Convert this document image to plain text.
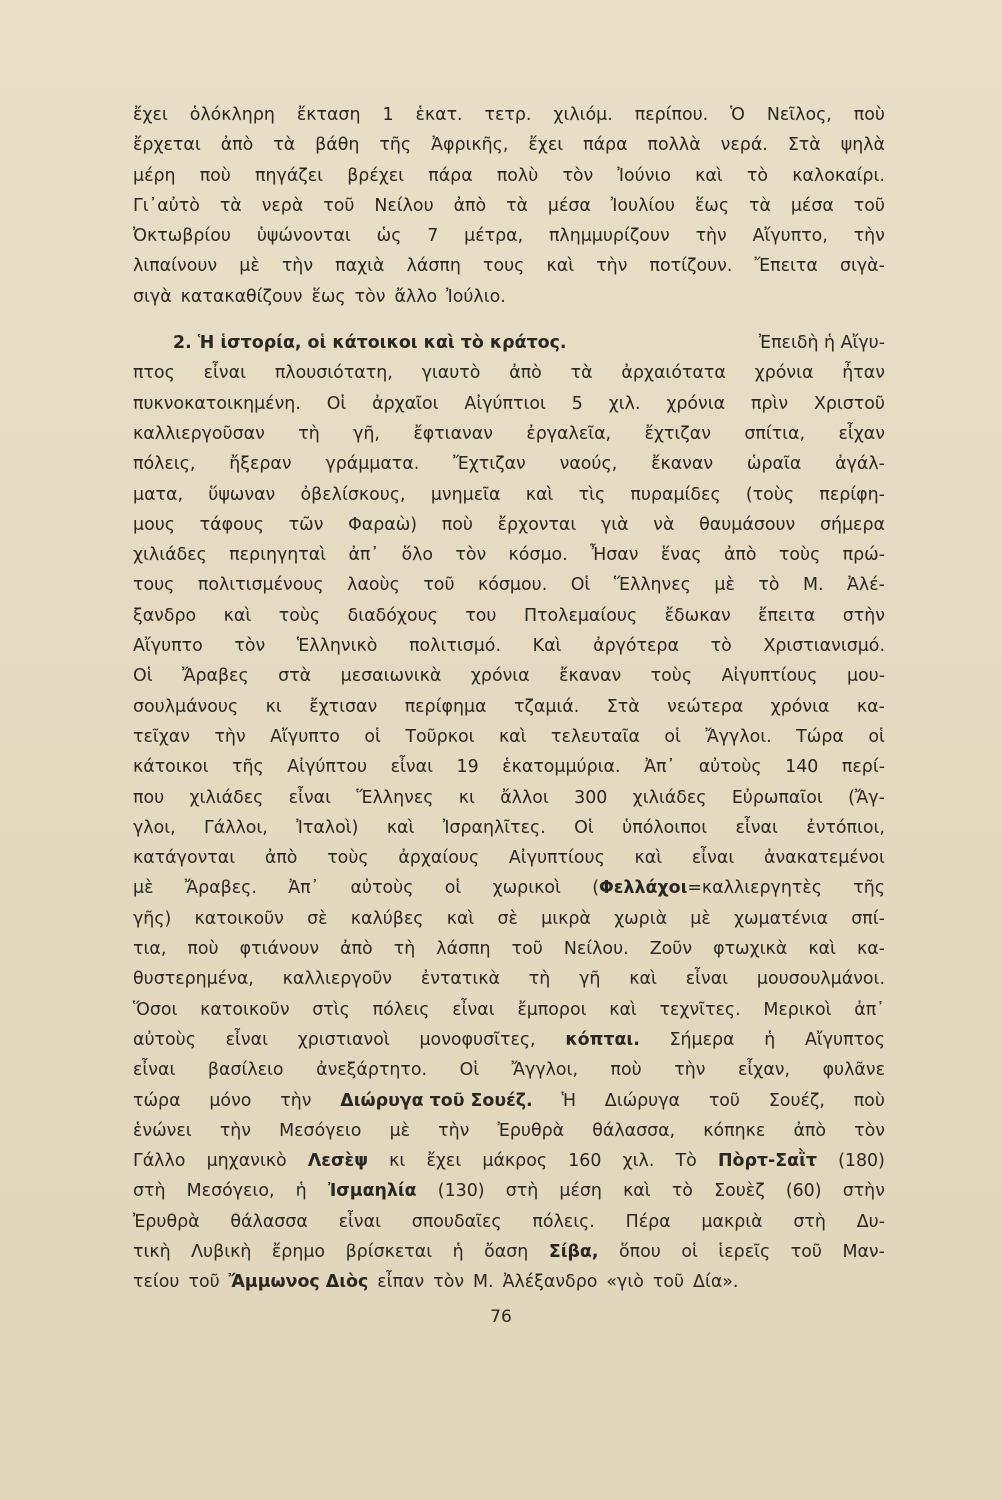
ἔχει ὁλόκληρη ἔκταση 1 ἑκατ. τετρ. χιλιόμ. περίπου. Ὁ Νεῖλος, ποὺ
ἔρχεται ἀπὸ τὰ βάθη τῆς Ἀφρικῆς, ἔχει πάρα πολλὰ νερά. Στὰ ψηλὰ
μέρη ποὺ πηγάζει βρέχει πάρα πολὺ τὸν Ἰούνιο καὶ τὸ καλοκαίρι.
Γι᾿αὐτὸ τὰ νερὰ τοῦ Νείλου ἀπὸ τὰ μέσα Ἰουλίου ἕως τὰ μέσα τοῦ
Ὀκτωβρίου ὑψώνονται ὡς 7 μέτρα, πλημμυρίζουν τὴν Αἴγυπτο, τὴν
λιπαίνουν μὲ τὴν παχιὰ λάσπη τους καὶ τὴν ποτίζουν. Ἔπειτα σιγὰ-
σιγὰ κατακαθίζουν ἕως τὸν ἄλλο Ἰούλιο.
2. Ἡ ἱστορία, οἱ κάτοικοι καὶ τὸ κράτος.	Ἐπειδὴ ἡ Αἴγυ-
πτος εἶναι πλουσιότατη, γιαυτὸ ἀπὸ τὰ ἀρχαιότατα χρόνια ἦταν
πυκνοκατοικημένη. Οἱ ἀρχαῖοι Αἰγύπτιοι 5 χιλ. χρόνια πρὶν Χριστοῦ
καλλιεργοῦσαν τὴ γῆ, ἔφτιαναν ἐργαλεῖα, ἔχτιζαν σπίτια, εἶχαν
πόλεις, ἤξεραν γράμματα. Ἔχτιζαν ναούς, ἔκαναν ὡραῖα ἀγάλ-
ματα, ὕψωναν ὀβελίσκους, μνημεῖα καὶ τὶς πυραμίδες (τοὺς περίφη-
μους τάφους τῶν Φαραὼ) ποὺ ἔρχονται γιὰ νὰ θαυμάσουν σήμερα
χιλιάδες περιηγηταὶ ἀπ᾿ ὅλο τὸν κόσμο. Ἦσαν ἕνας ἀπὸ τοὺς πρώ-
τους πολιτισμένους λαοὺς τοῦ κόσμου. Οἱ Ἕλληνες μὲ τὸ Μ. Ἀλέ-
ξανδρο καὶ τοὺς διαδόχους του Πτολεμαίους ἔδωκαν ἔπειτα στὴν
Αἴγυπτο τὸν Ἑλληνικὸ πολιτισμό. Καὶ ἀργότερα τὸ Χριστιανισμό.
Οἱ Ἄραβες στὰ μεσαιωνικὰ χρόνια ἔκαναν τοὺς Αἰγυπτίους μου-
σουλμάνους κι ἔχτισαν περίφημα τζαμιά. Στὰ νεώτερα χρόνια κα-
τεῖχαν τὴν Αἴγυπτο οἱ Τοῦρκοι καὶ τελευταῖα οἱ Ἄγγλοι. Τώρα οἱ
κάτοικοι τῆς Αἰγύπτου εἶναι 19 ἑκατομμύρια. Ἀπ᾿ αὐτοὺς 140 περί-
που χιλιάδες εἶναι Ἕλληνες κι ἄλλοι 300 χιλιάδες Εὐρωπαῖοι (Ἄγ-
γλοι, Γάλλοι, Ἰταλοὶ) καὶ Ἰσραηλῖτες. Οἱ ὑπόλοιποι εἶναι ἐντόπιοι,
κατάγονται ἀπὸ τοὺς ἀρχαίους Αἰγυπτίους καὶ εἶναι ἀνακατεμένοι
μὲ Ἄραβες. Ἀπ᾿ αὐτοὺς οἱ χωρικοὶ (Φελλάχοι=καλλιεργητὲς τῆς
γῆς) κατοικοῦν σὲ καλύβες καὶ σὲ μικρὰ χωριὰ μὲ χωματένια σπί-
τια, ποὺ φτιάνουν ἀπὸ τὴ λάσπη τοῦ Νείλου. Ζοῦν φτωχικὰ καὶ κα-
θυστερημένα, καλλιεργοῦν ἐντατικὰ τὴ γῆ καὶ εἶναι μουσουλμάνοι.
Ὅσοι κατοικοῦν στὶς πόλεις εἶναι ἔμποροι καὶ τεχνῖτες. Μερικοὶ ἀπ᾿
αὐτοὺς εἶναι χριστιανοὶ μονοφυσῖτες, κόπται. Σήμερα ἡ Αἴγυπτος
εἶναι βασίλειο ἀνεξάρτητο. Οἱ Ἄγγλοι, ποὺ τὴν εἶχαν, φυλᾶνε
τώρα μόνο τὴν Διώρυγα τοῦ Σουέζ. Ἡ Διώρυγα τοῦ Σουέζ, ποὺ
ἑνώνει τὴν Μεσόγειο μὲ τὴν Ἐρυθρὰ θάλασσα, κόπηκε ἀπὸ τὸν
Γάλλο μηχανικὸ Λεσὲψ κι ἔχει μάκρος 160 χιλ. Τὸ Πὸρτ-Σαῒτ (180)
στὴ Μεσόγειο, ἡ Ἰσμαηλία (130) στὴ μέση καὶ τὸ Σουὲζ (60) στὴν
Ἐρυθρὰ θάλασσα εἶναι σπουδαῖες πόλεις. Πέρα μακριὰ στὴ Δυ-
τικὴ Λυβικὴ ἔρημο βρίσκεται ἡ ὄαση Σίβα, ὅπου οἱ ἱερεῖς τοῦ Μαν-
τείου τοῦ Ἄμμωνος Διὸς εἶπαν τὸν Μ. Ἀλέξανδρο «γιὸ τοῦ Δία».
76
